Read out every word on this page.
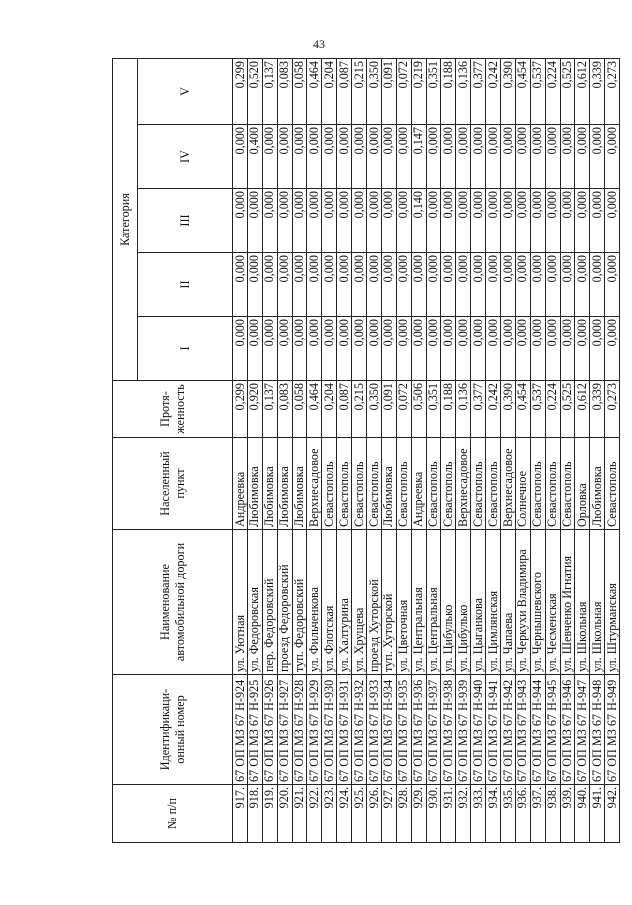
43
№ п/п	Идентификаци-онный номер	Наименование автомобильной дороги	Населенный пункт	Протя-женность	Категория				
					I	II	III	IV	V
917.	67 ОП МЗ 67 Н-924	ул. Уютная	Андреевка	0,299	0,000	0,000	0,000	0,000	0,299
918.	67 ОП МЗ 67 Н-925	ул. Федоровская	Любимовка	0,920	0,000	0,000	0,000	0,400	0,520
919.	67 ОП МЗ 67 Н-926	пер. Федоровский	Любимовка	0,137	0,000	0,000	0,000	0,000	0,137
920.	67 ОП МЗ 67 Н-927	проезд Федоровский	Любимовка	0,083	0,000	0,000	0,000	0,000	0,083
921.	67 ОП МЗ 67 Н-928	туп. Федоровский	Любимовка	0,058	0,000	0,000	0,000	0,000	0,058
922.	67 ОП МЗ 67 Н-929	ул. Фильченкова	Верхнесадовое	0,464	0,000	0,000	0,000	0,000	0,464
923.	67 ОП МЗ 67 Н-930	ул. Флотская	Севастополь	0,204	0,000	0,000	0,000	0,000	0,204
924.	67 ОП МЗ 67 Н-931	ул. Халтурина	Севастополь	0,087	0,000	0,000	0,000	0,000	0,087
925.	67 ОП МЗ 67 Н-932	ул. Хрущева	Севастополь	0,215	0,000	0,000	0,000	0,000	0,215
926.	67 ОП МЗ 67 Н-933	проезд Хуторской	Севастополь	0,350	0,000	0,000	0,000	0,000	0,350
927.	67 ОП МЗ 67 Н-934	туп. Хуторской	Любимовка	0,091	0,000	0,000	0,000	0,000	0,091
928.	67 ОП МЗ 67 Н-935	ул. Цветочная	Севастополь	0,072	0,000	0,000	0,000	0,000	0,072
929.	67 ОП МЗ 67 Н-936	ул. Центральная	Андреевка	0,506	0,000	0,000	0,140	0,147	0,219
930.	67 ОП МЗ 67 Н-937	ул. Центральная	Севастополь	0,351	0,000	0,000	0,000	0,000	0,351
931.	67 ОП МЗ 67 Н-938	ул. Цибулько	Севастополь	0,188	0,000	0,000	0,000	0,000	0,188
932.	67 ОП МЗ 67 Н-939	ул. Цибулько	Верхнесадовое	0,136	0,000	0,000	0,000	0,000	0,136
933.	67 ОП МЗ 67 Н-940	ул. Цыганкова	Севастополь	0,377	0,000	0,000	0,000	0,000	0,377
934.	67 ОП МЗ 67 Н-941	ул. Цимлянская	Севастополь	0,242	0,000	0,000	0,000	0,000	0,242
935.	67 ОП МЗ 67 Н-942	ул. Чапаева	Верхнесадовое	0,390	0,000	0,000	0,000	0,000	0,390
936.	67 ОП МЗ 67 Н-943	ул. Черкухи Владимира	Солнечное	0,454	0,000	0,000	0,000	0,000	0,454
937.	67 ОП МЗ 67 Н-944	ул. Чернышевского	Севастополь	0,537	0,000	0,000	0,000	0,000	0,537
938.	67 ОП МЗ 67 Н-945	ул. Чесменская	Севастополь	0,224	0,000	0,000	0,000	0,000	0,224
939.	67 ОП МЗ 67 Н-946	ул. Шевченко Игнатия	Севастополь	0,525	0,000	0,000	0,000	0,000	0,525
940.	67 ОП МЗ 67 Н-947	ул. Школьная	Орловка	0,612	0,000	0,000	0,000	0,000	0,612
941.	67 ОП МЗ 67 Н-948	ул. Школьная	Любимовка	0,339	0,000	0,000	0,000	0,000	0,339
942.	67 ОП МЗ 67 Н-949	ул. Штурманская	Севастополь	0,273	0,000	0,000	0,000	0,000	0,273
